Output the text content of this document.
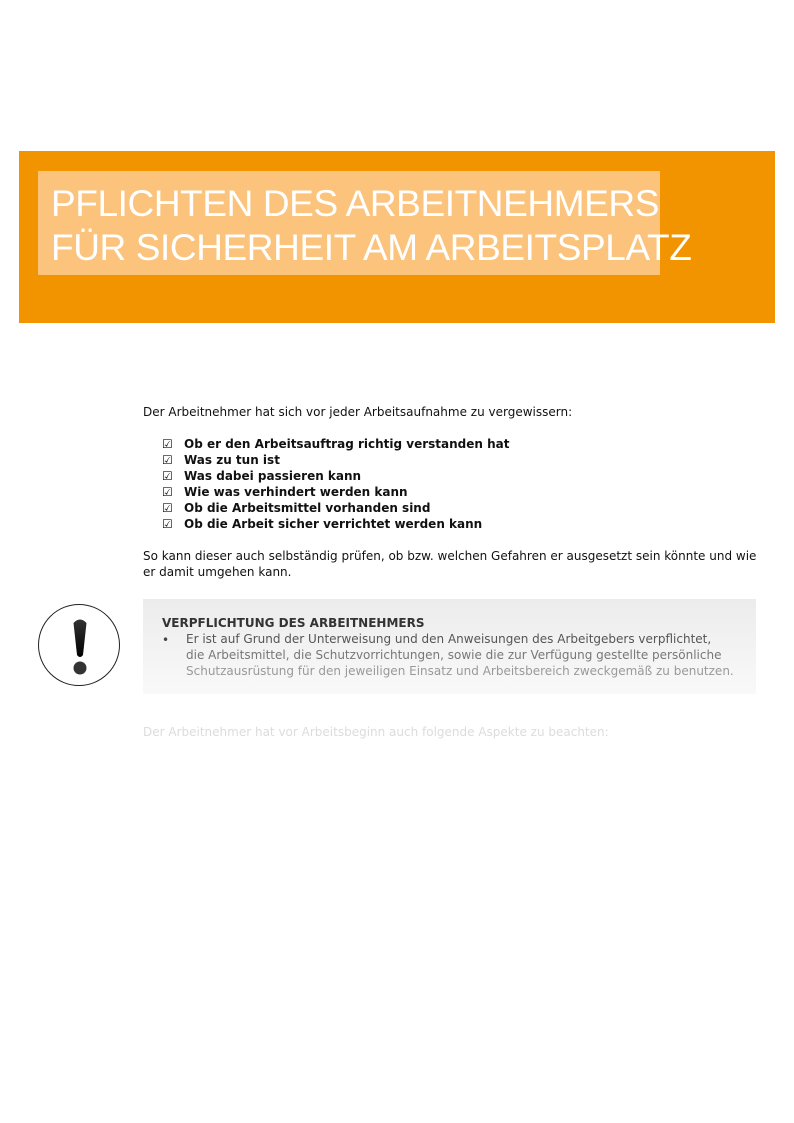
PFLICHTEN DES ARBEITNEHMERS
FÜR SICHERHEIT AM ARBEITSPLATZ
Der Arbeitnehmer hat sich vor jeder Arbeitsaufnahme zu vergewissern:
☑ Ob er den Arbeitsauftrag richtig verstanden hat
☑ Was zu tun ist
☑ Was dabei passieren kann
☑ Wie was verhindert werden kann
☑ Ob die Arbeitsmittel vorhanden sind
☑ Ob die Arbeit sicher verrichtet werden kann
So kann dieser auch selbständig prüfen, ob bzw. welchen Gefahren er ausgesetzt sein könnte und wie er damit umgehen kann.
VERPFLICHTUNG DES ARBEITNEHMERS
• Er ist auf Grund der Unterweisung und den Anweisungen des Arbeitgebers verpflichtet,
die Arbeitsmittel, die Schutzvorrichtungen, sowie die zur Verfügung gestellte persönliche
Schutzausrüstung für den jeweiligen Einsatz und Arbeitsbereich zweckgemäß zu benutzen.
Der Arbeitnehmer hat vor Arbeitsbeginn auch folgende Aspekte zu beachten:
